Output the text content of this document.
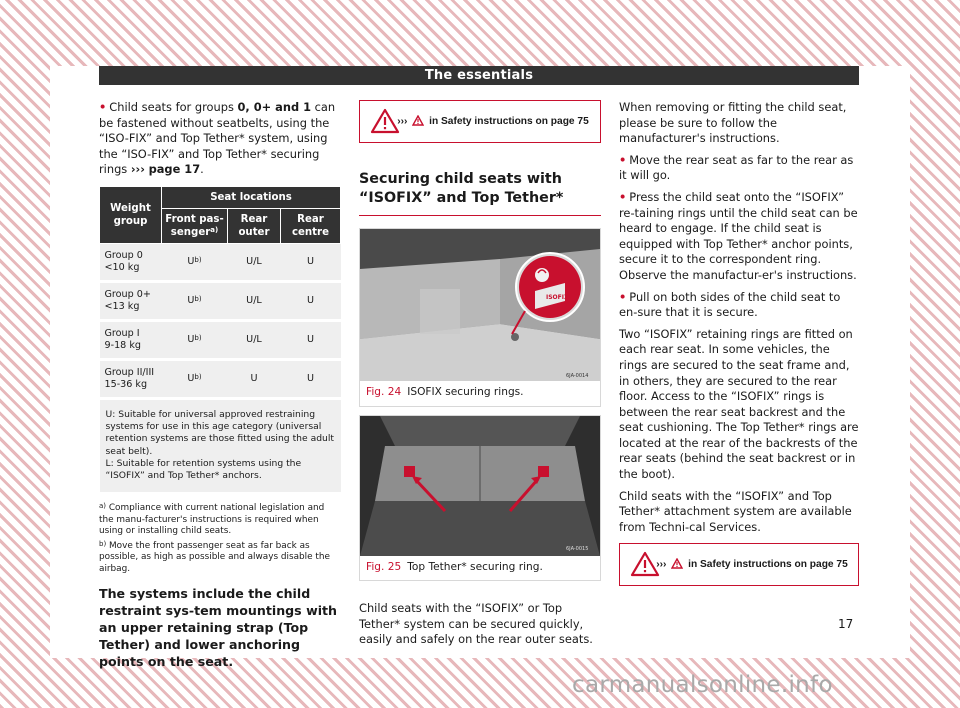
The essentials

• Child seats for groups 0, 0+ and 1 can be fastened without seatbelts, using the “ISO-FIX” and Top Tether* system, using the “ISO-FIX” and Top Tether* securing rings ››› page 17.

Weight group	Seat locations		
	Front pas-senger$^{a)}$	Rear outer	Rear centre
Group 0
<10 kg	$U^{b)}$	U/L	U
Group 0+
<13 kg	$U^{b)}$	U/L	U
Group I
9-18 kg	$U^{b)}$	U/L	U
Group II/III
15-36 kg	$U^{b)}$	U	U
U: Suitable for universal approved restraining systems for use in this age category (universal retention systems are those fitted using the adult seat belt).
L: Suitable for retention systems using the “ISOFIX” and Top Tether* anchors.			
$^{a)}$ Compliance with current national legislation and the manu-facturer's instructions is required when using or installing child seats.
$^{b)}$ Move the front passenger seat as far back as possible, as high as possible and always disable the airbag.
The systems include the child restraint sys-tem mountings with an upper retaining strap (Top Tether) and lower anchoring points on the seat.
››› in Safety instructions on page 75
Securing child seats with “ISOFIX” and Top Tether*
ISOFIX
6JA-0014
Fig. 24 ISOFIX securing rings.
6JA-0015
Fig. 25 Top Tether* securing ring.

Child seats with the “ISOFIX” or Top Tether* system can be secured quickly, easily and safely on the rear outer seats.

When removing or fitting the child seat, please be sure to follow the manufacturer's instructions.

• Move the rear seat as far to the rear as it will go.

• Press the child seat onto the “ISOFIX” re-taining rings until the child seat can be heard to engage. If the child seat is equipped with Top Tether* anchor points, secure it to the correspondent ring. Observe the manufactur-er's instructions.

• Pull on both sides of the child seat to en-sure that it is secure.

Two “ISOFIX” retaining rings are fitted on each rear seat. In some vehicles, the rings are secured to the seat frame and, in others, they are secured to the rear floor. Access to the “ISOFIX” rings is between the rear seat backrest and the seat cushioning. The Top Tether* rings are located at the rear of the backrests of the rear seats (behind the seat backrest or in the boot).

Child seats with the “ISOFIX” and Top Tether* attachment system are available from Techni-cal Services.

››› in Safety instructions on page 75
17
carmanualsonline.info
